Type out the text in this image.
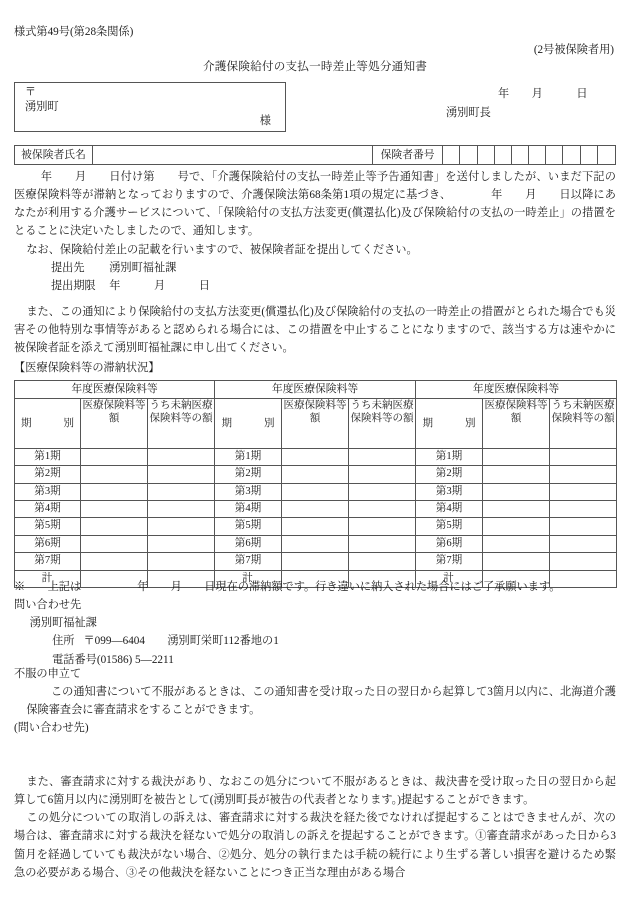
様式第49号(第28条関係)
(2号被保険者用)
介護保険給付の支払一時差止等処分通知書
〒
湧別町
様
年　　月　　　日
湧別町長
被保険者氏名	保険者番号
年　　月　　日付け第　　号で、「介護保険給付の支払一時差止等予告通知書」を送付しましたが、いまだ下記の医療保険料等が滞納となっておりますので、介護保険法第68条第1項の規定に基づき、　　　　年　　月　　日以降にあなたが利用する介護サービスについて、「保険給付の支払方法変更(償還払化)及び保険給付の支払の一時差止」の措置をとることに決定いたしましたので、通知します。
なお、保険給付差止の記載を行いますので、被保険者証を提出してください。
提出先 湧別町福祉課
提出期限 年　　　月　　　日
また、この通知により保険給付の支払方法変更(償還払化)及び保険給付の支払の一時差止の措置がとられた場合でも災害その他特別な事情等があると認められる場合には、この措置を中止することになりますので、該当する方は速やかに被保険者証を添えて湧別町福祉課に申し出てください。
【医療保険料等の滞納状況】
年度医療保険料等			年度医療保険料等			年度医療保険料等		
期　　別	医療保険料等額	うち未納医療保険料等の額	期　　別	医療保険料等額	うち未納医療保険料等の額	期　　別	医療保険料等額	うち未納医療保険料等の額
第1期			第1期			第1期		
第2期			第2期			第2期		
第3期			第3期			第3期		
第4期			第4期			第4期		
第5期			第5期			第5期		
第6期			第6期			第6期		
第7期			第7期			第7期		
計			計			計		
※　　上記は　　　　　年　　月　　日現在の滞納額です。行き違いに納入された場合にはご了承願います。
問い合わせ先
湧別町福祉課
住所 〒099—6404　　湧別町栄町112番地の1
電話番号(01586) 5—2211
不服の申立て
この通知書について不服があるときは、この通知書を受け取った日の翌日から起算して3箇月以内に、北海道介護保険審査会に審査請求をすることができます。
(問い合わせ先)

また、審査請求に対する裁決があり、なおこの処分について不服があるときは、裁決書を受け取った日の翌日から起算して6箇月以内に湧別町を被告として(湧別町長が被告の代表者となります。)提起することができます。

この処分についての取消しの訴えは、審査請求に対する裁決を経た後でなければ提起することはできませんが、次の場合は、審査請求に対する裁決を経ないで処分の取消しの訴えを提起することができます。①審査請求があった日から3箇月を経過していても裁決がない場合、②処分、処分の執行または手続の続行により生ずる著しい損害を避けるため緊急の必要がある場合、③その他裁決を経ないことにつき正当な理由がある場合
